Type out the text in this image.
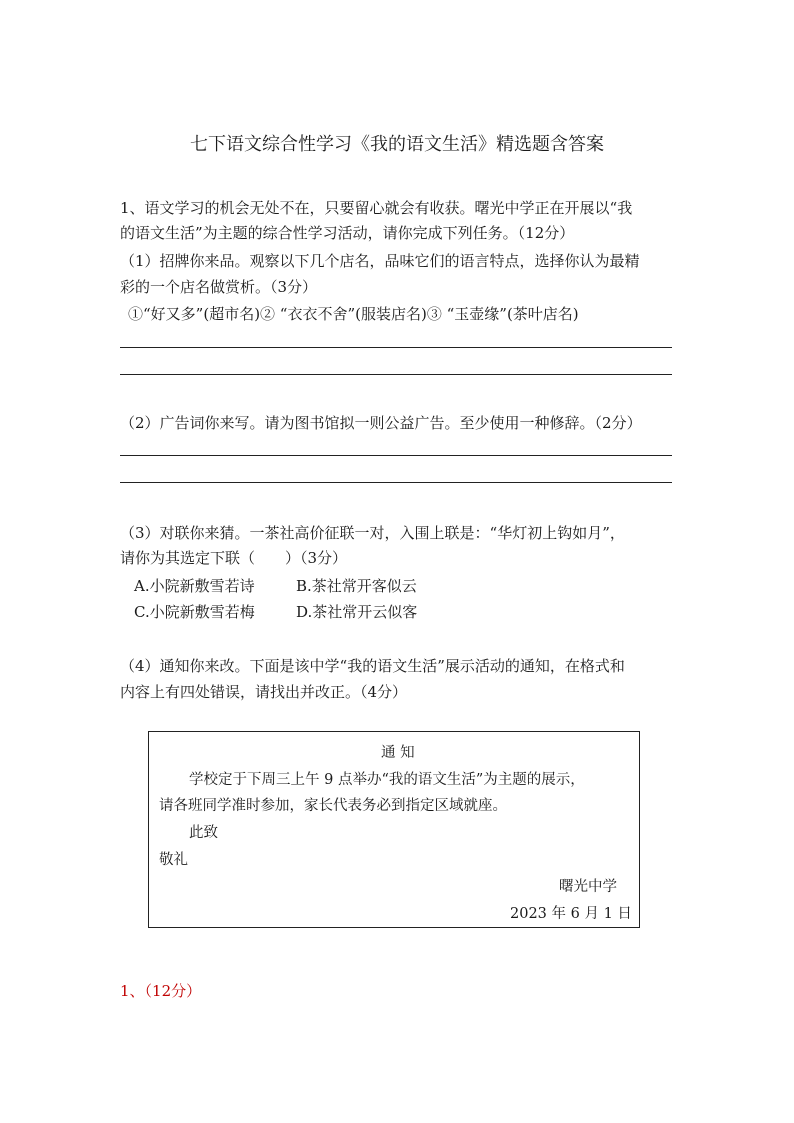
七下语文综合性学习《我的语文生活》精选题含答案
1、语文学习的机会无处不在，只要留心就会有收获。曙光中学正在开展以“我
的语文生活”为主题的综合性学习活动，请你完成下列任务。（12分）
（1）招牌你来品。观察以下几个店名，品味它们的语言特点，选择你认为最精
彩的一个店名做赏析。（3分）
①“好又多”(超市名)② “衣衣不舍”(服装店名)③ “玉壶缘”(茶叶店名)
（2）广告词你来写。请为图书馆拟一则公益广告。至少使用一种修辞。（2分）
（3）对联你来猜。一茶社高价征联一对，入围上联是：“华灯初上钩如月”，
请你为其选定下联（　　）（3分）
A.小院新敷雪若诗	B.茶社常开客似云
C.小院新敷雪若梅	D.茶社常开云似客
（4）通知你来改。下面是该中学“我的语文生活”展示活动的通知，在格式和
内容上有四处错误，请找出并改正。（4分）
通 知
学校定于下周三上午 9 点举办“我的语文生活”为主题的展示，
请各班同学准时参加，家长代表务必到指定区域就座。
此致
敬礼
曙光中学
2023 年 6 月 1 日
1、（12分）
